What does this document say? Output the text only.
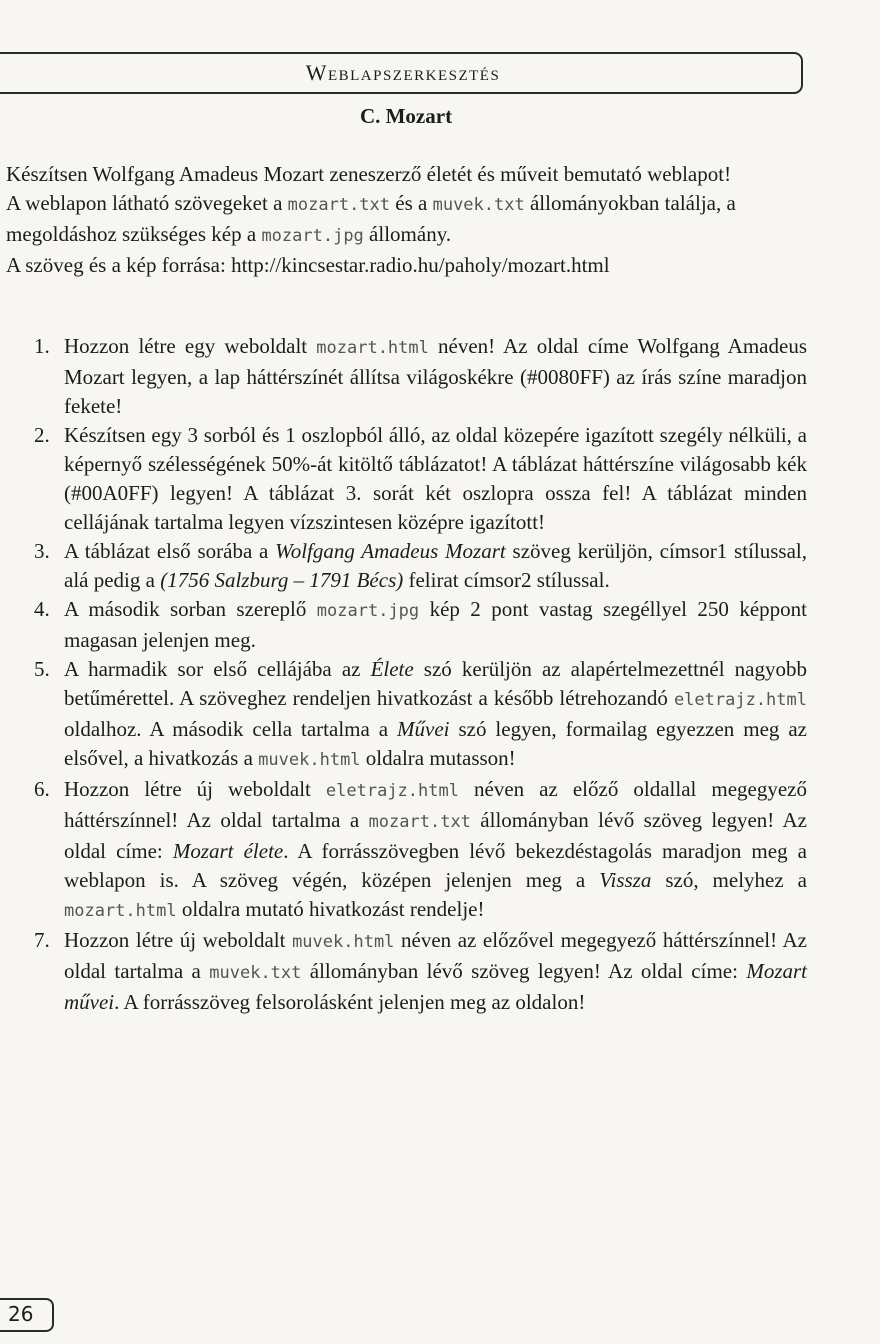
Weblapszerkesztés
C. Mozart

Készítsen Wolfgang Amadeus Mozart zeneszerző életét és műveit bemutató weblapot!

A weblapon látható szövegeket a mozart.txt és a muvek.txt állományokban találja, a megoldáshoz szükséges kép a mozart.jpg állomány.

A szöveg és a kép forrása: http://kincsestar.radio.hu/paholy/mozart.html

1. Hozzon létre egy weboldalt mozart.html néven! Az oldal címe Wolfgang Amadeus Mozart legyen, a lap háttérszínét állítsa világoskékre (#0080FF) az írás színe maradjon fekete!
2. Készítsen egy 3 sorból és 1 oszlopból álló, az oldal közepére igazított szegély nélküli, a képernyő szélességének 50%-át kitöltő táblázatot! A táblázat háttérszíne világosabb kék (#00A0FF) legyen! A táblázat 3. sorát két oszlopra ossza fel! A táblázat minden cellájának tartalma legyen vízszintesen középre igazított!
3. A táblázat első sorába a Wolfgang Amadeus Mozart szöveg kerüljön, címsor1 stílussal, alá pedig a (1756 Salzburg – 1791 Bécs) felirat címsor2 stílussal.
4. A második sorban szereplő mozart.jpg kép 2 pont vastag szegéllyel 250 képpont magasan jelenjen meg.
5. A harmadik sor első cellájába az Élete szó kerüljön az alapértelmezettnél nagyobb betűmérettel. A szöveghez rendeljen hivatkozást a később létrehozandó eletrajz.html oldalhoz. A második cella tartalma a Művei szó legyen, formailag egyezzen meg az elsővel, a hivatkozás a muvek.html oldalra mutasson!
6. Hozzon létre új weboldalt eletrajz.html néven az előző oldallal megegyező háttérszínnel! Az oldal tartalma a mozart.txt állományban lévő szöveg legyen! Az oldal címe: Mozart élete. A forrásszövegben lévő bekezdéstagolás maradjon meg a weblapon is. A szöveg végén, középen jelenjen meg a Vissza szó, melyhez a mozart.html oldalra mutató hivatkozást rendelje!
7. Hozzon létre új weboldalt muvek.html néven az előzővel megegyező háttérszínnel! Az oldal tartalma a muvek.txt állományban lévő szöveg legyen! Az oldal címe: Mozart művei. A forrásszöveg felsorolásként jelenjen meg az oldalon!
26
